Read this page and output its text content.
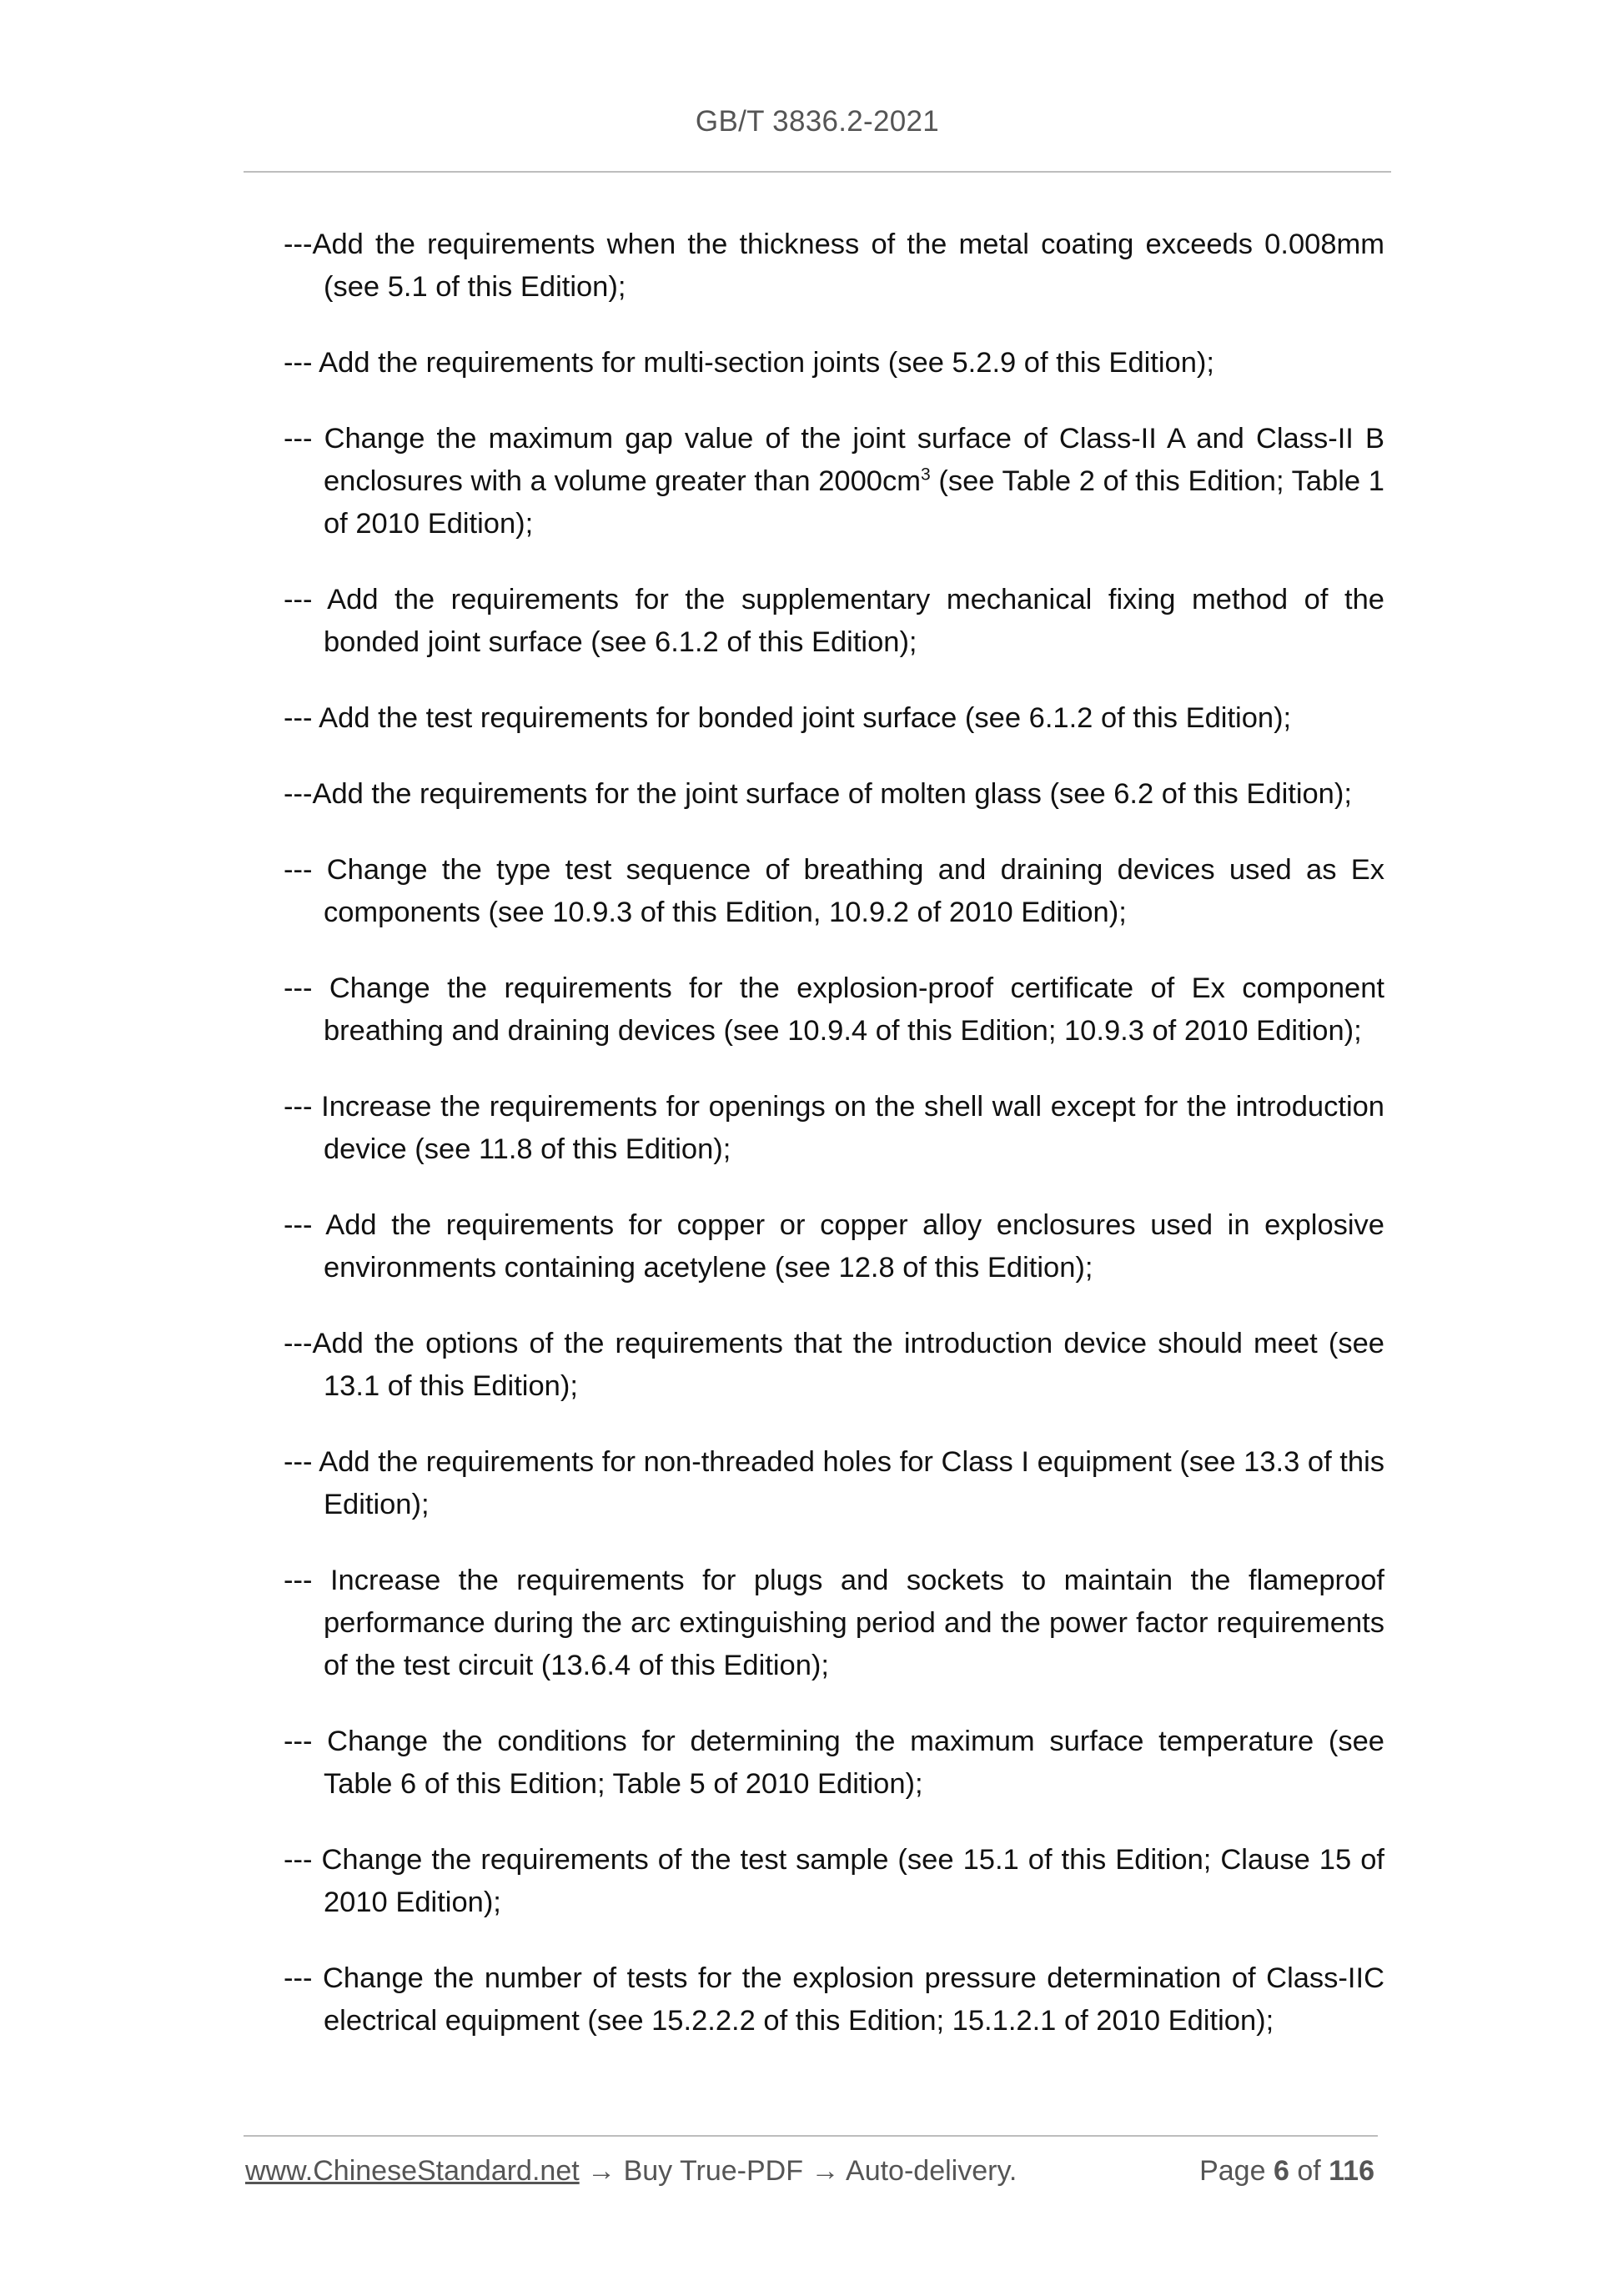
GB/T 3836.2-2021
---Add the requirements when the thickness of the metal coating exceeds 0.008mm (see 5.1 of this Edition);
--- Add the requirements for multi-section joints (see 5.2.9 of this Edition);
--- Change the maximum gap value of the joint surface of Class-II A and Class-II B enclosures with a volume greater than $2000cm^3$ (see Table 2 of this Edition; Table 1 of 2010 Edition);
--- Add the requirements for the supplementary mechanical fixing method of the bonded joint surface (see 6.1.2 of this Edition);
--- Add the test requirements for bonded joint surface (see 6.1.2 of this Edition);
---Add the requirements for the joint surface of molten glass (see 6.2 of this Edition);
--- Change the type test sequence of breathing and draining devices used as Ex components (see 10.9.3 of this Edition, 10.9.2 of 2010 Edition);
--- Change the requirements for the explosion-proof certificate of Ex component breathing and draining devices (see 10.9.4 of this Edition; 10.9.3 of 2010 Edition);
--- Increase the requirements for openings on the shell wall except for the introduction device (see 11.8 of this Edition);
--- Add the requirements for copper or copper alloy enclosures used in explosive environments containing acetylene (see 12.8 of this Edition);
---Add the options of the requirements that the introduction device should meet (see 13.1 of this Edition);
--- Add the requirements for non-threaded holes for Class I equipment (see 13.3 of this Edition);
--- Increase the requirements for plugs and sockets to maintain the flameproof performance during the arc extinguishing period and the power factor requirements of the test circuit (13.6.4 of this Edition);
--- Change the conditions for determining the maximum surface temperature (see Table 6 of this Edition; Table 5 of 2010 Edition);
--- Change the requirements of the test sample (see 15.1 of this Edition; Clause 15 of 2010 Edition);
--- Change the number of tests for the explosion pressure determination of Class-IIC electrical equipment (see 15.2.2.2 of this Edition; 15.1.2.1 of 2010 Edition);
www.ChineseStandard.net → Buy True-PDF → Auto-delivery.	Page 6 of 116
